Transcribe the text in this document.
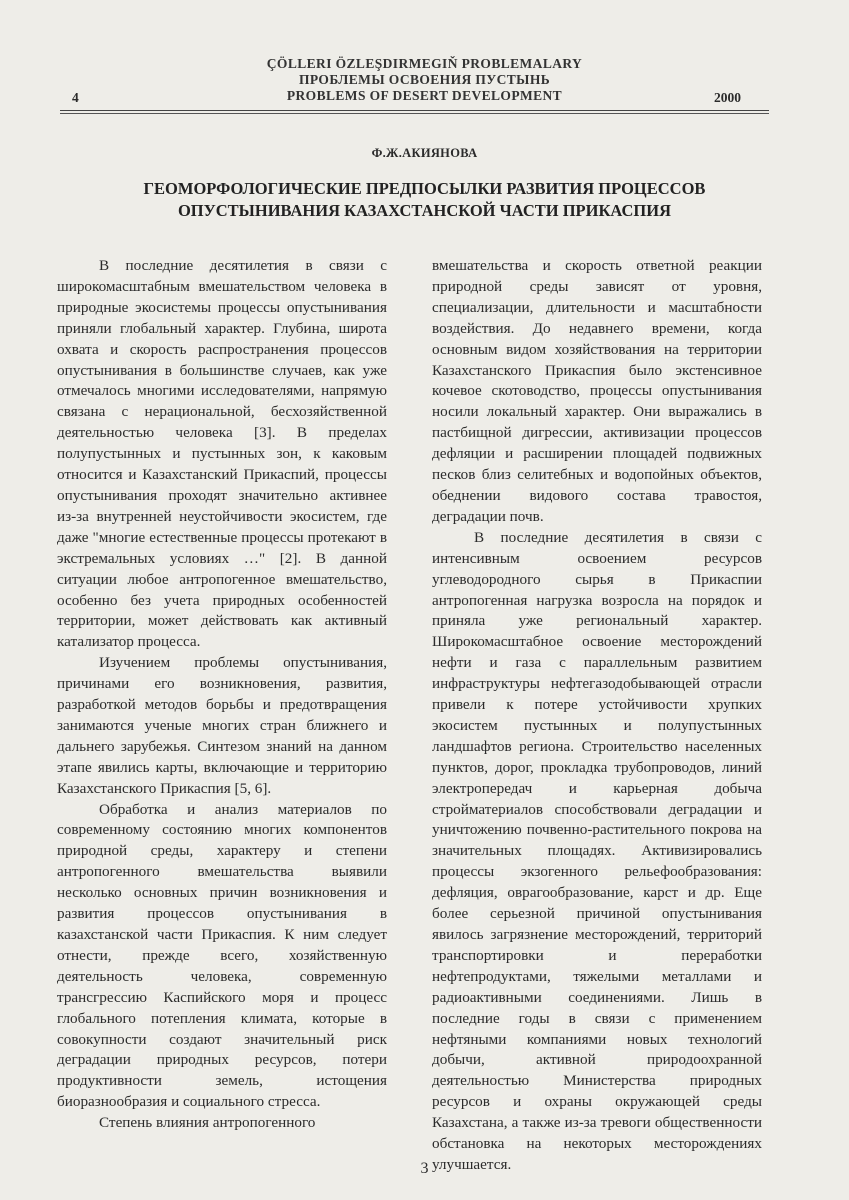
ÇÖLLERI ÖZLEŞDIRMEGIŇ PROBLEMALARY
ПРОБЛЕМЫ ОСВОЕНИЯ ПУСТЫНЬ
PROBLEMS OF DESERT DEVELOPMENT
4	2000
Ф.Ж.АКИЯНОВА
ГЕОМОРФОЛОГИЧЕСКИЕ ПРЕДПОСЫЛКИ РАЗВИТИЯ ПРОЦЕССОВ
ОПУСТЫНИВАНИЯ КАЗАХСТАНСКОЙ ЧАСТИ ПРИКАСПИЯ

В последние десятилетия в связи с широкомасштабным вмешательством человека в природные экосистемы процессы опустынивания приняли глобальный характер. Глубина, широта охвата и скорость распространения процессов опустынивания в большинстве случаев, как уже отмечалось многими исследователями, напрямую связана с нерациональной, бесхозяйственной деятельностью человека [3]. В пределах полупустынных и пустынных зон, к каковым относится и Казахстанский Прикаспий, процессы опустынивания проходят значительно активнее из-за внутренней неустойчивости экосистем, где даже "многие естественные процессы протекают в экстремальных условиях …" [2]. В данной ситуации любое антропогенное вмешательство, особенно без учета природных особенностей территории, может действовать как активный катализатор процесса.

Изучением проблемы опустынивания, причинами его возникновения, развития, разработкой методов борьбы и предотвращения занимаются ученые многих стран ближнего и дальнего зарубежья. Синтезом знаний на данном этапе явились карты, включающие и территорию Казахстанского Прикаспия [5, 6].

Обработка и анализ материалов по современному состоянию многих компонентов природной среды, характеру и степени антропогенного вмешательства выявили несколько основных причин возникновения и развития процессов опустынивания в казахстанской части Прикаспия. К ним следует отнести, прежде всего, хозяйственную деятельность человека, современную трансгрессию Каспийского моря и процесс глобального потепления климата, которые в совокупности создают значительный риск деградации природных ресурсов, потери продуктивности земель, истощения биоразнообразия и социального стресса.

Степень влияния антропогенного

вмешательства и скорость ответной реакции природной среды зависят от уровня, специализации, длительности и масштабности воздействия. До недавнего времени, когда основным видом хозяйствования на территории Казахстанского Прикаспия было экстенсивное кочевое скотоводство, процессы опустынивания носили локальный характер. Они выражались в пастбищной дигрессии, активизации процессов дефляции и расширении площадей подвижных песков близ селитебных и водопойных объектов, обеднении видового состава травостоя, деградации почв.

В последние десятилетия в связи с интенсивным освоением ресурсов углеводородного сырья в Прикаспии антропогенная нагрузка возросла на порядок и приняла уже региональный характер. Широкомасштабное освоение месторождений нефти и газа с параллельным развитием инфраструктуры нефтегазодобывающей отрасли привели к потере устойчивости хрупких экосистем пустынных и полупустынных ландшафтов региона. Строительство населенных пунктов, дорог, прокладка трубопроводов, линий электропередач и карьерная добыча стройматериалов способствовали деградации и уничтожению почвенно-растительного покрова на значительных площадях. Активизировались процессы экзогенного рельефообразования: дефляция, оврагообразование, карст и др. Еще более серьезной причиной опустынивания явилось загрязнение месторождений, территорий транспортировки и переработки нефтепродуктами, тяжелыми металлами и радиоактивными соединениями. Лишь в последние годы в связи с применением нефтяными компаниями новых технологий добычи, активной природоохранной деятельностью Министерства природных ресурсов и охраны окружающей среды Казахстана, а также из-за тревоги общественности обстановка на некоторых месторождениях улучшается.

3
